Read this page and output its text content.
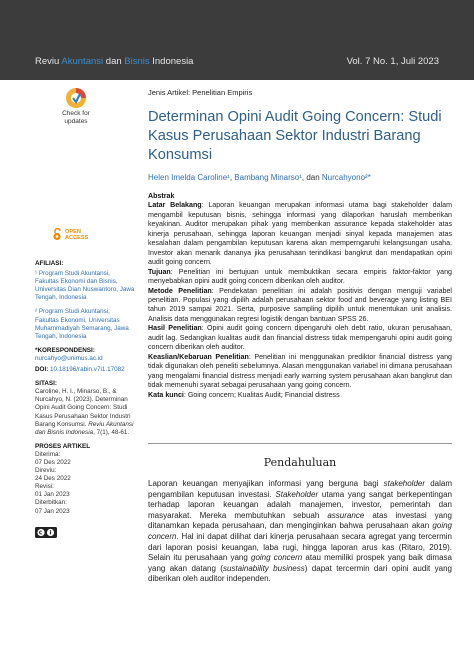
Reviu Akuntansi dan Bisnis Indonesia	Vol. 7 No. 1, Juli 2023
Check for
updates
Jenis Artikel: Penelitian Empiris
Determinan Opini Audit Going Concern: Studi Kasus Perusahaan Sektor Industri Barang Konsumsi
Helen Imelda Caroline¹, Bambang Minarso¹, dan Nurcahyono²*
OPEN
ACCESS
AFILIASI:
¹ Program Studi Akuntansi, Fakultas Ekonomi dan Bisnis, Universitas Dian Nuswantoro, Jawa Tengah, Indonesia
² Program Studi Akuntansi, Fakultas Ekonomi, Universitas Muhammadiyah Semarang, Jawa Tengah, Indonesia
*KORESPONDENSI:
nurcahyo@unimus.ac.id
DOI: 10.18196/rabin.v7i1.17082
SITASI:
Caroline, H. I., Minarso, B., & Nurcahyo, N. (2023). Determinan Opini Audit Going Concern: Studi Kasus Perusahaan Sektor Industri Barang Konsumsi. Reviu Akuntansi dan Bisnis Indonesia, 7(1), 48-61.
PROSES ARTIKEL
Diterima:
07 Des 2022
Direviu:
24 Des 2022
Revisi:
01 Jan 2023
Diterbitkan:
07 Jan 2023

Abstrak

Latar Belakang: Laporan keuangan merupakan informasi utama bagi stakeholder dalam mengambil keputusan bisnis, sehingga informasi yang dilaporkan haruslah memberikan keyakinan. Auditor merupakan pihak yang memberikan assurance kepada stakeholder atas kinerja perusahaan, sehingga laporan keuangan menjadi sinyal kepada manajemen atas kesalahan dalam pengambilan keputusan karena akan memperngaruhi kelangsungan usaha. Investor akan menarik dananya jika perusahaan terindikasi bangkrut dan mendapatkan opini audit going concern.

Tujuan: Penelitian ini bertujuan untuk membuktikan secara empiris faktor-faktor yang menyebabkan opini audit going concern diberikan oleh auditor.

Metode Penelitian: Pendekatan penelitian ini adalah positivis dengan menguji variabel penelitian. Populasi yang dipilih adalah perusahaan sektor food and beverage yang listing BEI tahun 2019 sampai 2021. Serta, purposive sampling dipilih untuk menentukan unit analisis. Analisis data menggunakan regresi logistik dengan bantuan SPSS 26.

Hasil Penelitian: Opini audit going concern dipengaruhi oleh debt ratio, ukuran perusahaan, audit lag. Sedangkan kualitas audit dan financial distress tidak mempengaruhi opini audit going concern diberikan oleh auditor.

Keaslian/Kebaruan Penelitian: Penelitian ini menggunakan prediktor financial distress yang tidak digunakan oleh peneliti sebelumnya. Alasan menggunakan variabel ini dimana perusahaan yang mengalami financial distress menjadi early warning system perusahaan akan bangkrut dan tidak memenuhi syarat sebagai perusahaan yang going concern.

Kata kunci: Going concern; Kualitas Audit; Financial distress

Pendahuluan

Laporan keuangan menyajikan informasi yang berguna bagi stakeholder dalam pengambilan keputusan investasi. Stakeholder utama yang sangat berkepentingan terhadap laporan keuangan adalah manajemen, investor, pemerintah dan masyarakat. Mereka membutuhkan sebuah assurance atas investasi yang ditanamkan kepada perusahaan, dan menginginkan bahwa perusahaan akan going concern. Hal ini dapat dilihat dari kinerja perusahaan secara agregat yang tercermin dari laporan posisi keuangan, laba rugi, hingga laporan arus kas (Ritaro, 2019). Selain itu perusahaan yang going concern atau memiliki prospek yang baik dimasa yang akan datang (sustainability business) dapat tercermin dari opini audit yang diberikan oleh auditor independen.
